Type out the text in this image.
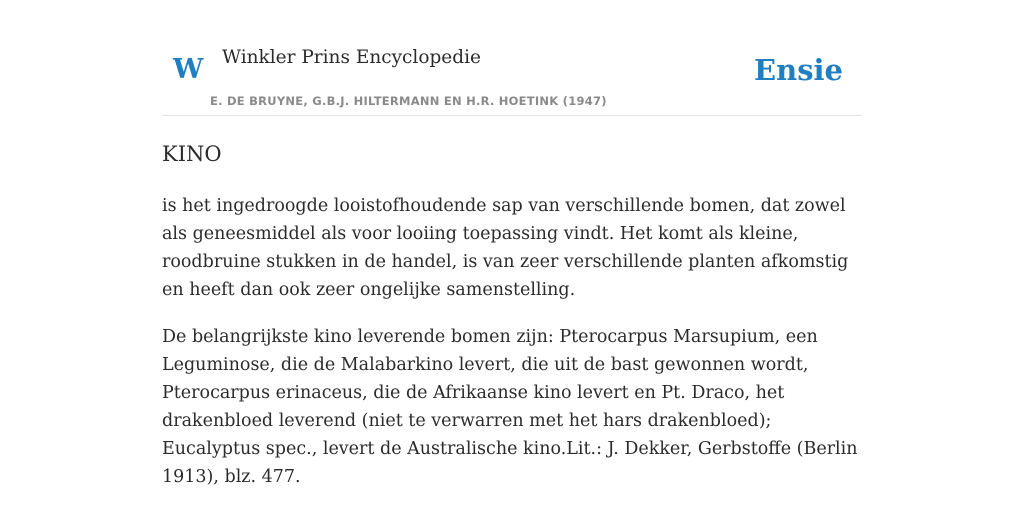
W Winkler Prins Encyclopedie
E. DE BRUYNE, G.B.J. HILTERMANN EN H.R. HOETINK (1947)
Ensie
KINO

is het ingedroogde looistofhoudende sap van verschillende bomen, dat zowel als geneesmiddel als voor looiing toepassing vindt. Het komt als kleine, roodbruine stukken in de handel, is van zeer verschillende planten afkomstig en heeft dan ook zeer ongelijke samenstelling.

De belangrijkste kino leverende bomen zijn: Pterocarpus Marsupium, een Leguminose, die de Malabarkino levert, die uit de bast gewonnen wordt, Pterocarpus erinaceus, die de Afrikaanse kino levert en Pt. Draco, het drakenbloed leverend (niet te verwarren met het hars drakenbloed); Eucalyptus spec., levert de Australische kino.Lit.: J. Dekker, Gerbstoffe (Berlin 1913), blz. 477.
